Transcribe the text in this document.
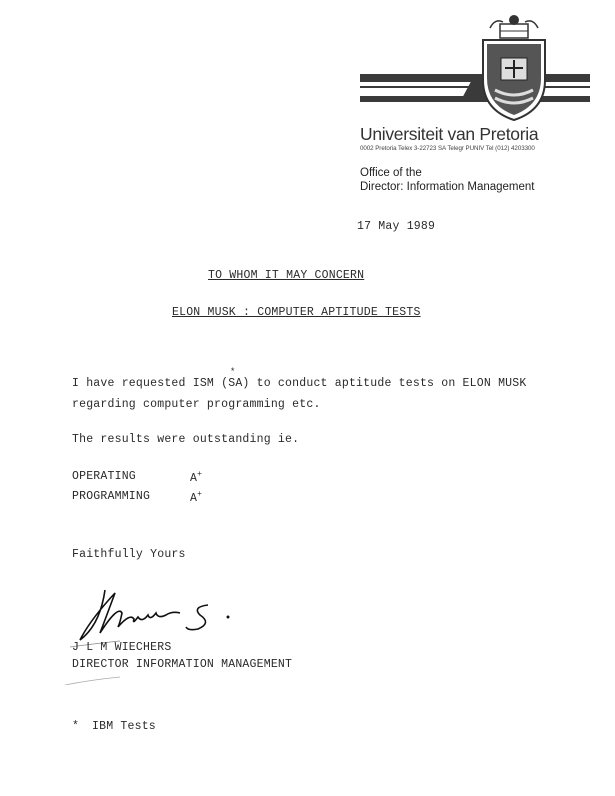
Universiteit van Pretoria
0002 Pretoria Telex 3-22723 SA Telegr PUNIV Tel (012) 4203300
Office of the
Director: Information Management
17 May 1989
TO WHOM IT MAY CONCERN
ELON MUSK : COMPUTER APTITUDE TESTS
*
I have requested ISM (SA) to conduct aptitude tests on ELON MUSK
regarding computer programming etc.
The results were outstanding ie.
OPERATING	A+
PROGRAMMING	A+
Faithfully Yours
J L M WIECHERS
DIRECTOR INFORMATION MANAGEMENT
* IBM Tests
